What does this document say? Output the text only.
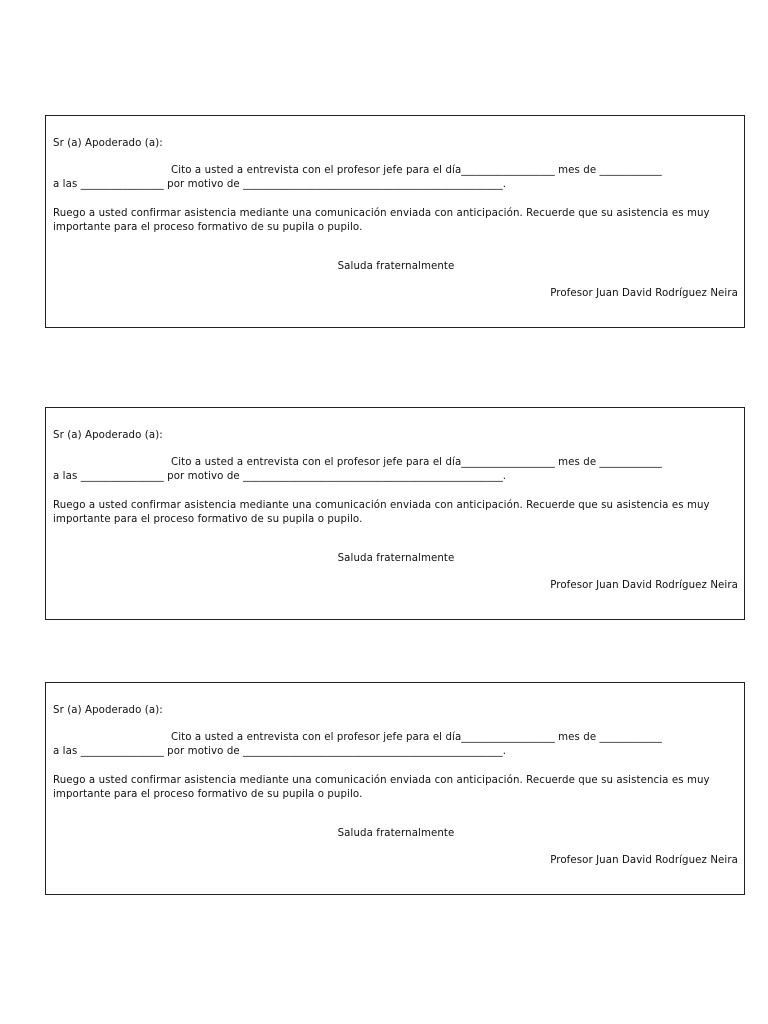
Sr (a) Apoderado (a):
Cito a usted a entrevista con el profesor jefe para el día__________________ mes de ____________
a las ________________ por motivo de __________________________________________________.
Ruego a usted confirmar asistencia mediante una comunicación enviada con anticipación. Recuerde que su asistencia es muy importante para el proceso formativo de su pupila o pupilo.
Saluda fraternalmente
Profesor Juan David Rodríguez Neira
Sr (a) Apoderado (a):
Cito a usted a entrevista con el profesor jefe para el día__________________ mes de ____________
a las ________________ por motivo de __________________________________________________.
Ruego a usted confirmar asistencia mediante una comunicación enviada con anticipación. Recuerde que su asistencia es muy importante para el proceso formativo de su pupila o pupilo.
Saluda fraternalmente
Profesor Juan David Rodríguez Neira
Sr (a) Apoderado (a):
Cito a usted a entrevista con el profesor jefe para el día__________________ mes de ____________
a las ________________ por motivo de __________________________________________________.
Ruego a usted confirmar asistencia mediante una comunicación enviada con anticipación. Recuerde que su asistencia es muy importante para el proceso formativo de su pupila o pupilo.
Saluda fraternalmente
Profesor Juan David Rodríguez Neira
